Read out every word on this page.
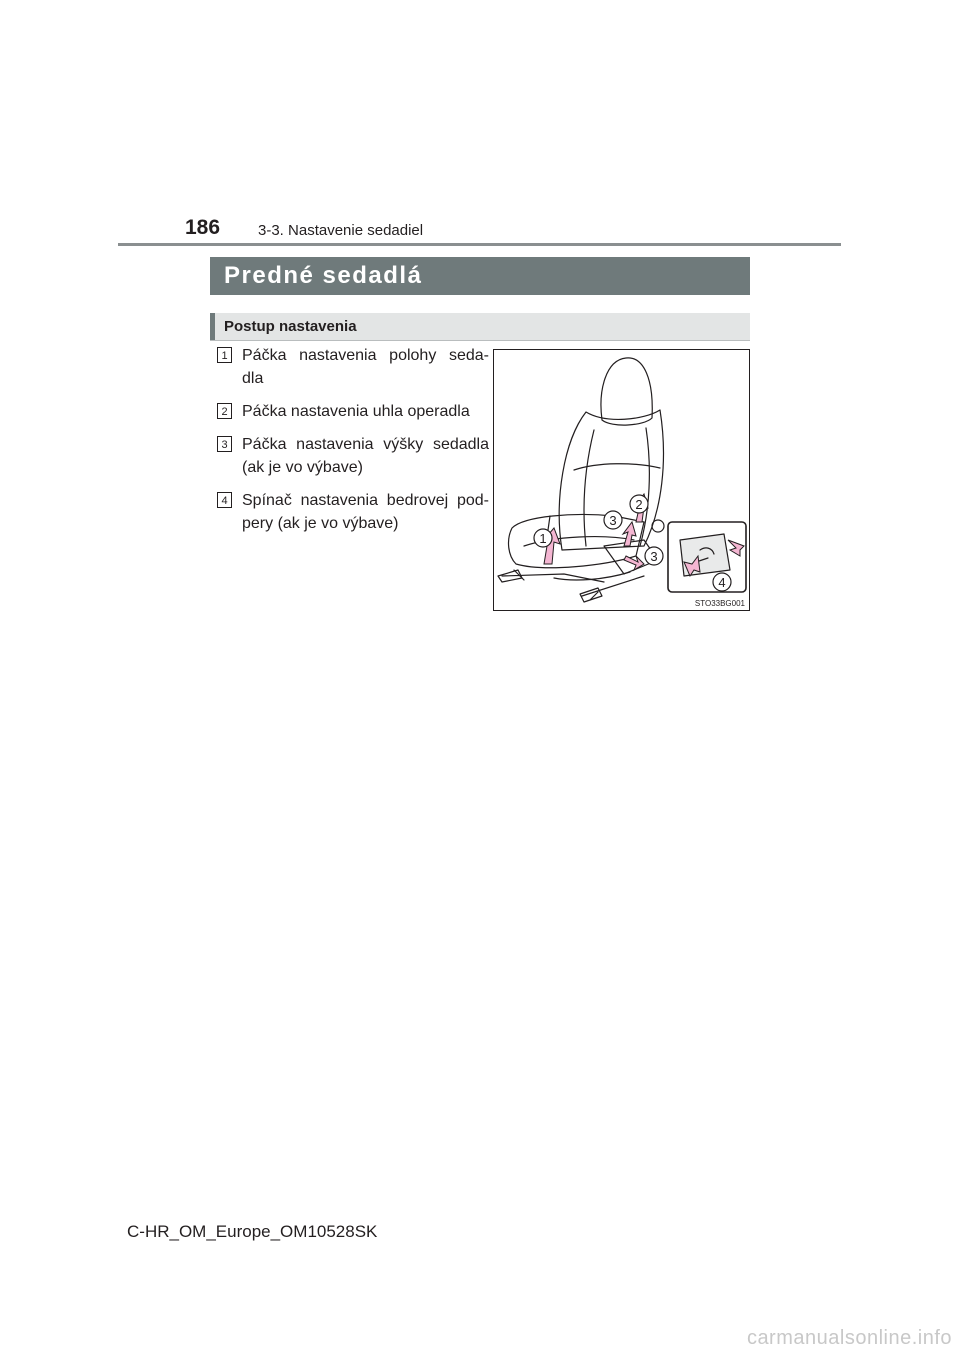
186	3-3. Nastavenie sedadiel
Predné sedadlá
Postup nastavenia
1 Páčka nastavenia polohy seda- dla
2 Páčka nastavenia uhla operadla
3 Páčka nastavenia výšky sedadla (ak je vo výbave)
4 Spínač nastavenia bedrovej pod- pery (ak je vo výbave)
1
2
3
3
4
STO33BG001
C-HR_OM_Europe_OM10528SK
carmanualsonline.info
